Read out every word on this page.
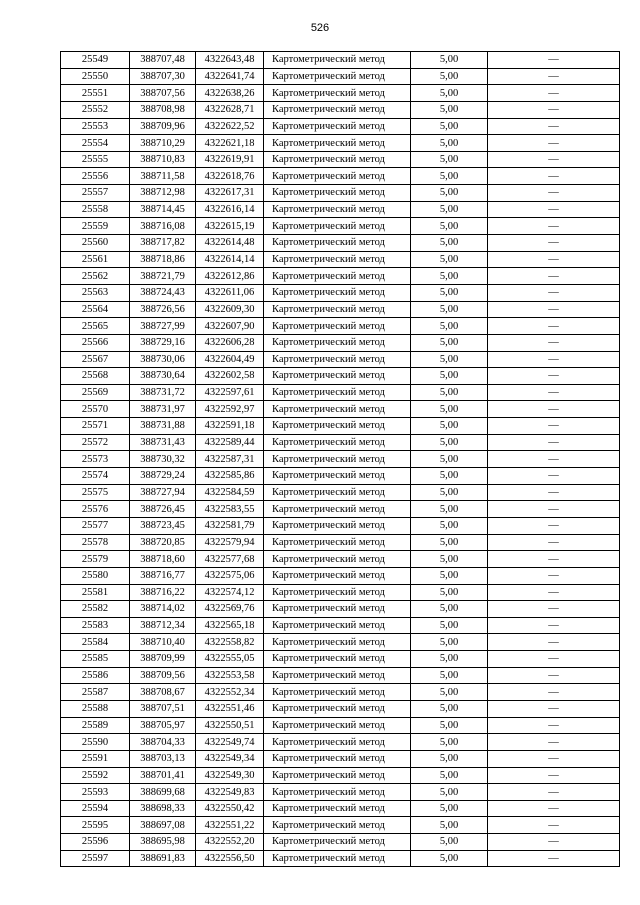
526
25549	388707,48	4322643,48	Картометрический метод	5,00	—
25550	388707,30	4322641,74	Картометрический метод	5,00	—
25551	388707,56	4322638,26	Картометрический метод	5,00	—
25552	388708,98	4322628,71	Картометрический метод	5,00	—
25553	388709,96	4322622,52	Картометрический метод	5,00	—
25554	388710,29	4322621,18	Картометрический метод	5,00	—
25555	388710,83	4322619,91	Картометрический метод	5,00	—
25556	388711,58	4322618,76	Картометрический метод	5,00	—
25557	388712,98	4322617,31	Картометрический метод	5,00	—
25558	388714,45	4322616,14	Картометрический метод	5,00	—
25559	388716,08	4322615,19	Картометрический метод	5,00	—
25560	388717,82	4322614,48	Картометрический метод	5,00	—
25561	388718,86	4322614,14	Картометрический метод	5,00	—
25562	388721,79	4322612,86	Картометрический метод	5,00	—
25563	388724,43	4322611,06	Картометрический метод	5,00	—
25564	388726,56	4322609,30	Картометрический метод	5,00	—
25565	388727,99	4322607,90	Картометрический метод	5,00	—
25566	388729,16	4322606,28	Картометрический метод	5,00	—
25567	388730,06	4322604,49	Картометрический метод	5,00	—
25568	388730,64	4322602,58	Картометрический метод	5,00	—
25569	388731,72	4322597,61	Картометрический метод	5,00	—
25570	388731,97	4322592,97	Картометрический метод	5,00	—
25571	388731,88	4322591,18	Картометрический метод	5,00	—
25572	388731,43	4322589,44	Картометрический метод	5,00	—
25573	388730,32	4322587,31	Картометрический метод	5,00	—
25574	388729,24	4322585,86	Картометрический метод	5,00	—
25575	388727,94	4322584,59	Картометрический метод	5,00	—
25576	388726,45	4322583,55	Картометрический метод	5,00	—
25577	388723,45	4322581,79	Картометрический метод	5,00	—
25578	388720,85	4322579,94	Картометрический метод	5,00	—
25579	388718,60	4322577,68	Картометрический метод	5,00	—
25580	388716,77	4322575,06	Картометрический метод	5,00	—
25581	388716,22	4322574,12	Картометрический метод	5,00	—
25582	388714,02	4322569,76	Картометрический метод	5,00	—
25583	388712,34	4322565,18	Картометрический метод	5,00	—
25584	388710,40	4322558,82	Картометрический метод	5,00	—
25585	388709,99	4322555,05	Картометрический метод	5,00	—
25586	388709,56	4322553,58	Картометрический метод	5,00	—
25587	388708,67	4322552,34	Картометрический метод	5,00	—
25588	388707,51	4322551,46	Картометрический метод	5,00	—
25589	388705,97	4322550,51	Картометрический метод	5,00	—
25590	388704,33	4322549,74	Картометрический метод	5,00	—
25591	388703,13	4322549,34	Картометрический метод	5,00	—
25592	388701,41	4322549,30	Картометрический метод	5,00	—
25593	388699,68	4322549,83	Картометрический метод	5,00	—
25594	388698,33	4322550,42	Картометрический метод	5,00	—
25595	388697,08	4322551,22	Картометрический метод	5,00	—
25596	388695,98	4322552,20	Картометрический метод	5,00	—
25597	388691,83	4322556,50	Картометрический метод	5,00	—
